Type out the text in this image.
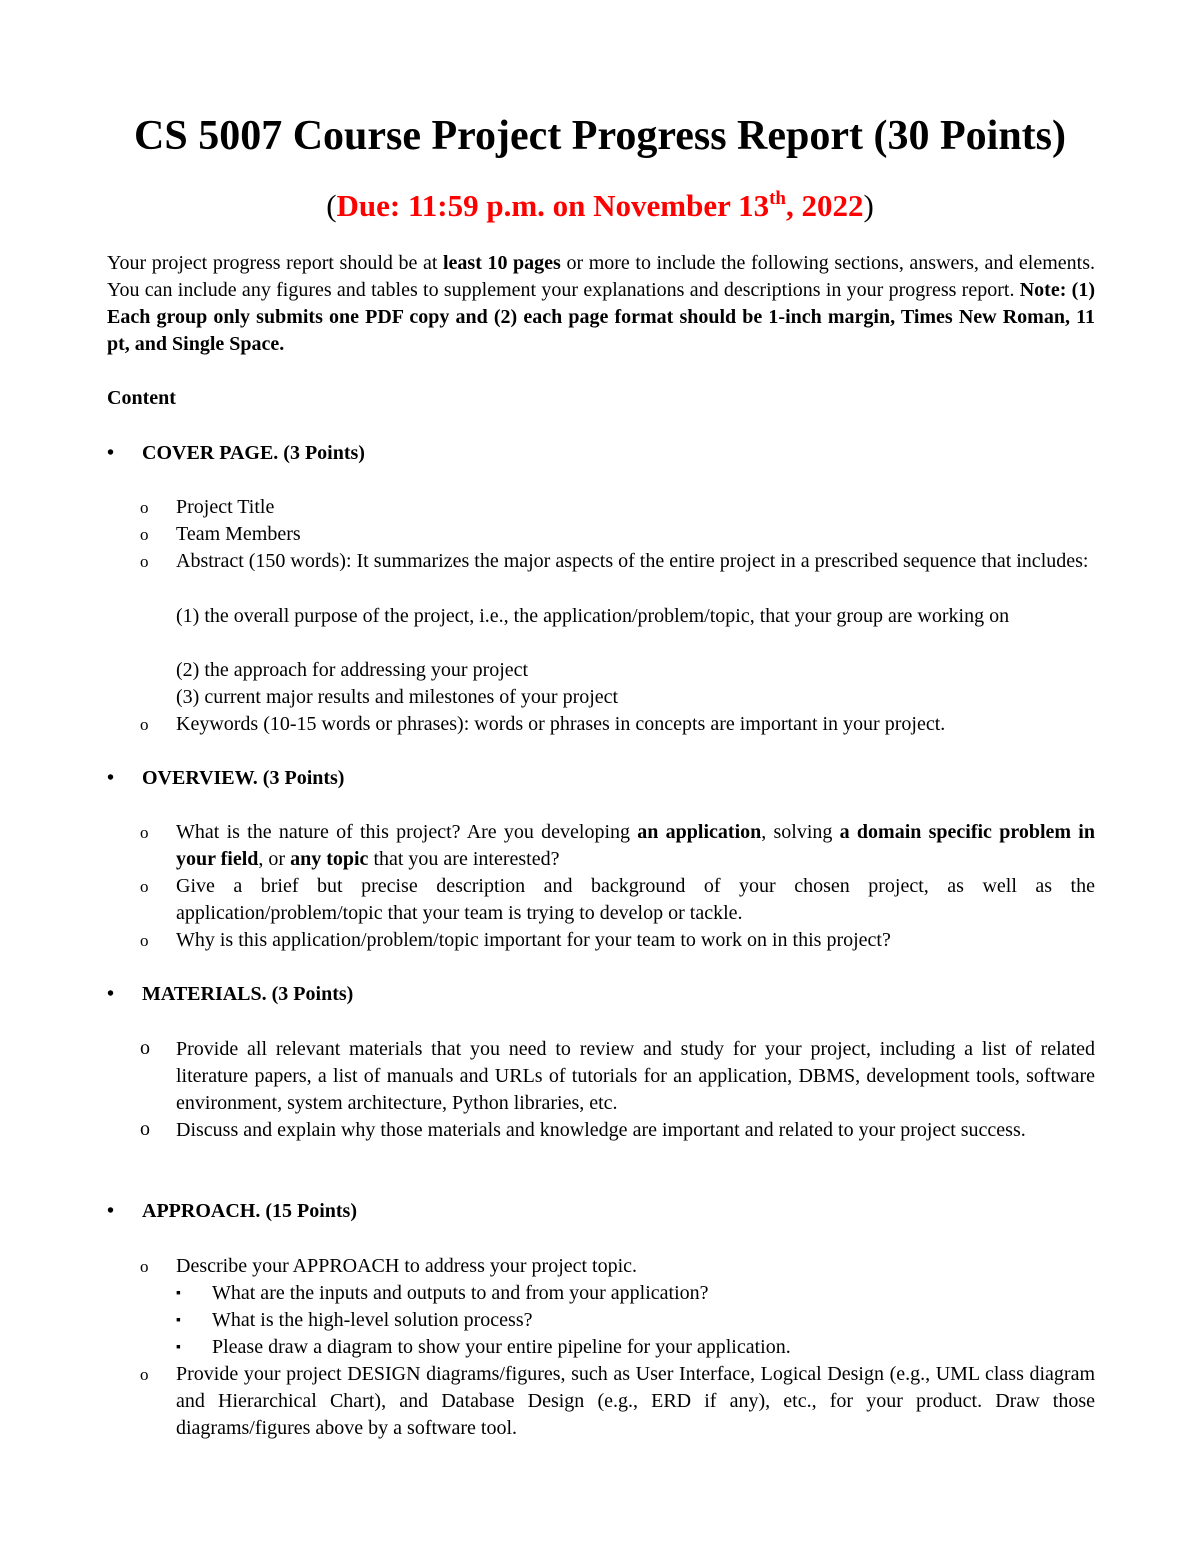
CS 5007 Course Project Progress Report (30 Points)

(Due: 11:59 p.m. on November 13th, 2022)

Your project progress report should be at least 10 pages or more to include the following sections, answers, and elements. You can include any figures and tables to supplement your explanations and descriptions in your progress report. Note: (1) Each group only submits one PDF copy and (2) each page format should be 1-inch margin, Times New Roman, 11 pt, and Single Space.

Content

• COVER PAGE. (3 Points)
o Project Title
o Team Members
o Abstract (150 words): It summarizes the major aspects of the entire project in a prescribed sequence that includes:
(1) the overall purpose of the project, i.e., the application/problem/topic, that your group are working on
(2) the approach for addressing your project
(3) current major results and milestones of your project
o Keywords (10-15 words or phrases): words or phrases in concepts are important in your project.
• OVERVIEW. (3 Points)
o What is the nature of this project? Are you developing an application, solving a domain specific problem in your field, or any topic that you are interested?
o Give a brief but precise description and background of your chosen project, as well as the application/problem/topic that your team is trying to develop or tackle.
o Why is this application/problem/topic important for your team to work on in this project?
• MATERIALS. (3 Points)
o Provide all relevant materials that you need to review and study for your project, including a list of related literature papers, a list of manuals and URLs of tutorials for an application, DBMS, development tools, software environment, system architecture, Python libraries, etc.
o Discuss and explain why those materials and knowledge are important and related to your project success.
• APPROACH. (15 Points)
o Describe your APPROACH to address your project topic.
▪ What are the inputs and outputs to and from your application?
▪ What is the high-level solution process?
▪ Please draw a diagram to show your entire pipeline for your application.
o Provide your project DESIGN diagrams/figures, such as User Interface, Logical Design (e.g., UML class diagram and Hierarchical Chart), and Database Design (e.g., ERD if any), etc., for your product. Draw those diagrams/figures above by a software tool.
